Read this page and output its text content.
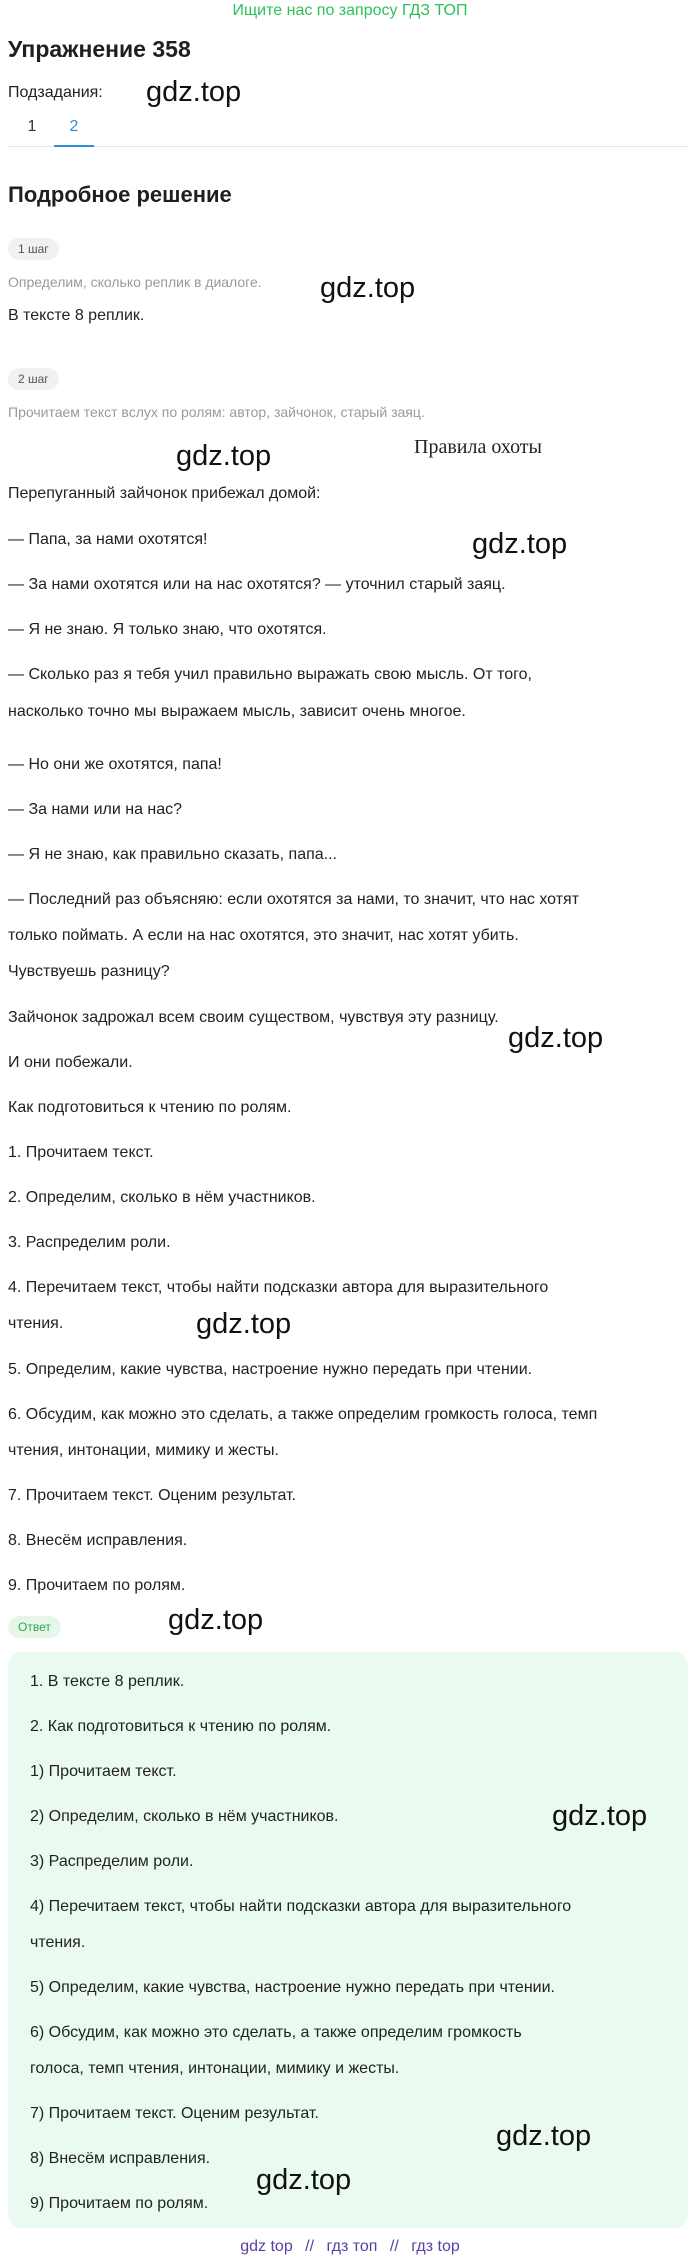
Ищите нас по запросу ГДЗ ТОП
Упражнение 358
Подзадания:
1	2
Подробное решение
1 шаг
Определим, сколько реплик в диалоге.
В тексте 8 реплик.
2 шаг
Прочитаем текст вслух по ролям: автор, зайчонок, старый заяц.
Правила охоты
Перепуганный зайчонок прибежал домой:
— Папа, за нами охотятся!
— За нами охотятся или на нас охотятся? — уточнил старый заяц.
— Я не знаю. Я только знаю, что охотятся.
— Сколько раз я тебя учил правильно выражать свою мысль. От того,
насколько точно мы выражаем мысль, зависит очень многое.
— Но они же охотятся, папа!
— За нами или на нас?
— Я не знаю, как правильно сказать, папа...
— Последний раз объясняю: если охотятся за нами, то значит, что нас хотят
только поймать. А если на нас охотятся, это значит, нас хотят убить.
Чувствуешь разницу?
Зайчонок задрожал всем своим существом, чувствуя эту разницу.
И они побежали.
Как подготовиться к чтению по ролям.
1. Прочитаем текст.
2. Определим, сколько в нём участников.
3. Распределим роли.
4. Перечитаем текст, чтобы найти подсказки автора для выразительного
чтения.
5. Определим, какие чувства, настроение нужно передать при чтении.
6. Обсудим, как можно это сделать, а также определим громкость голоса, темп
чтения, интонации, мимику и жесты.
7. Прочитаем текст. Оценим результат.
8. Внесём исправления.
9. Прочитаем по ролям.
Ответ
1. В тексте 8 реплик.
2. Как подготовиться к чтению по ролям.
1) Прочитаем текст.
2) Определим, сколько в нём участников.
3) Распределим роли.
4) Перечитаем текст, чтобы найти подсказки автора для выразительного
чтения.
5) Определим, какие чувства, настроение нужно передать при чтении.
6) Обсудим, как можно это сделать, а также определим громкость
голоса, темп чтения, интонации, мимику и жесты.
7) Прочитаем текст. Оценим результат.
8) Внесём исправления.
9) Прочитаем по ролям.
gdz.top
gdz.top
gdz.top
gdz.top
gdz.top
gdz.top
gdz.top
gdz.top
gdz.top
gdz.top
gdz top // гдз топ // гдз top
